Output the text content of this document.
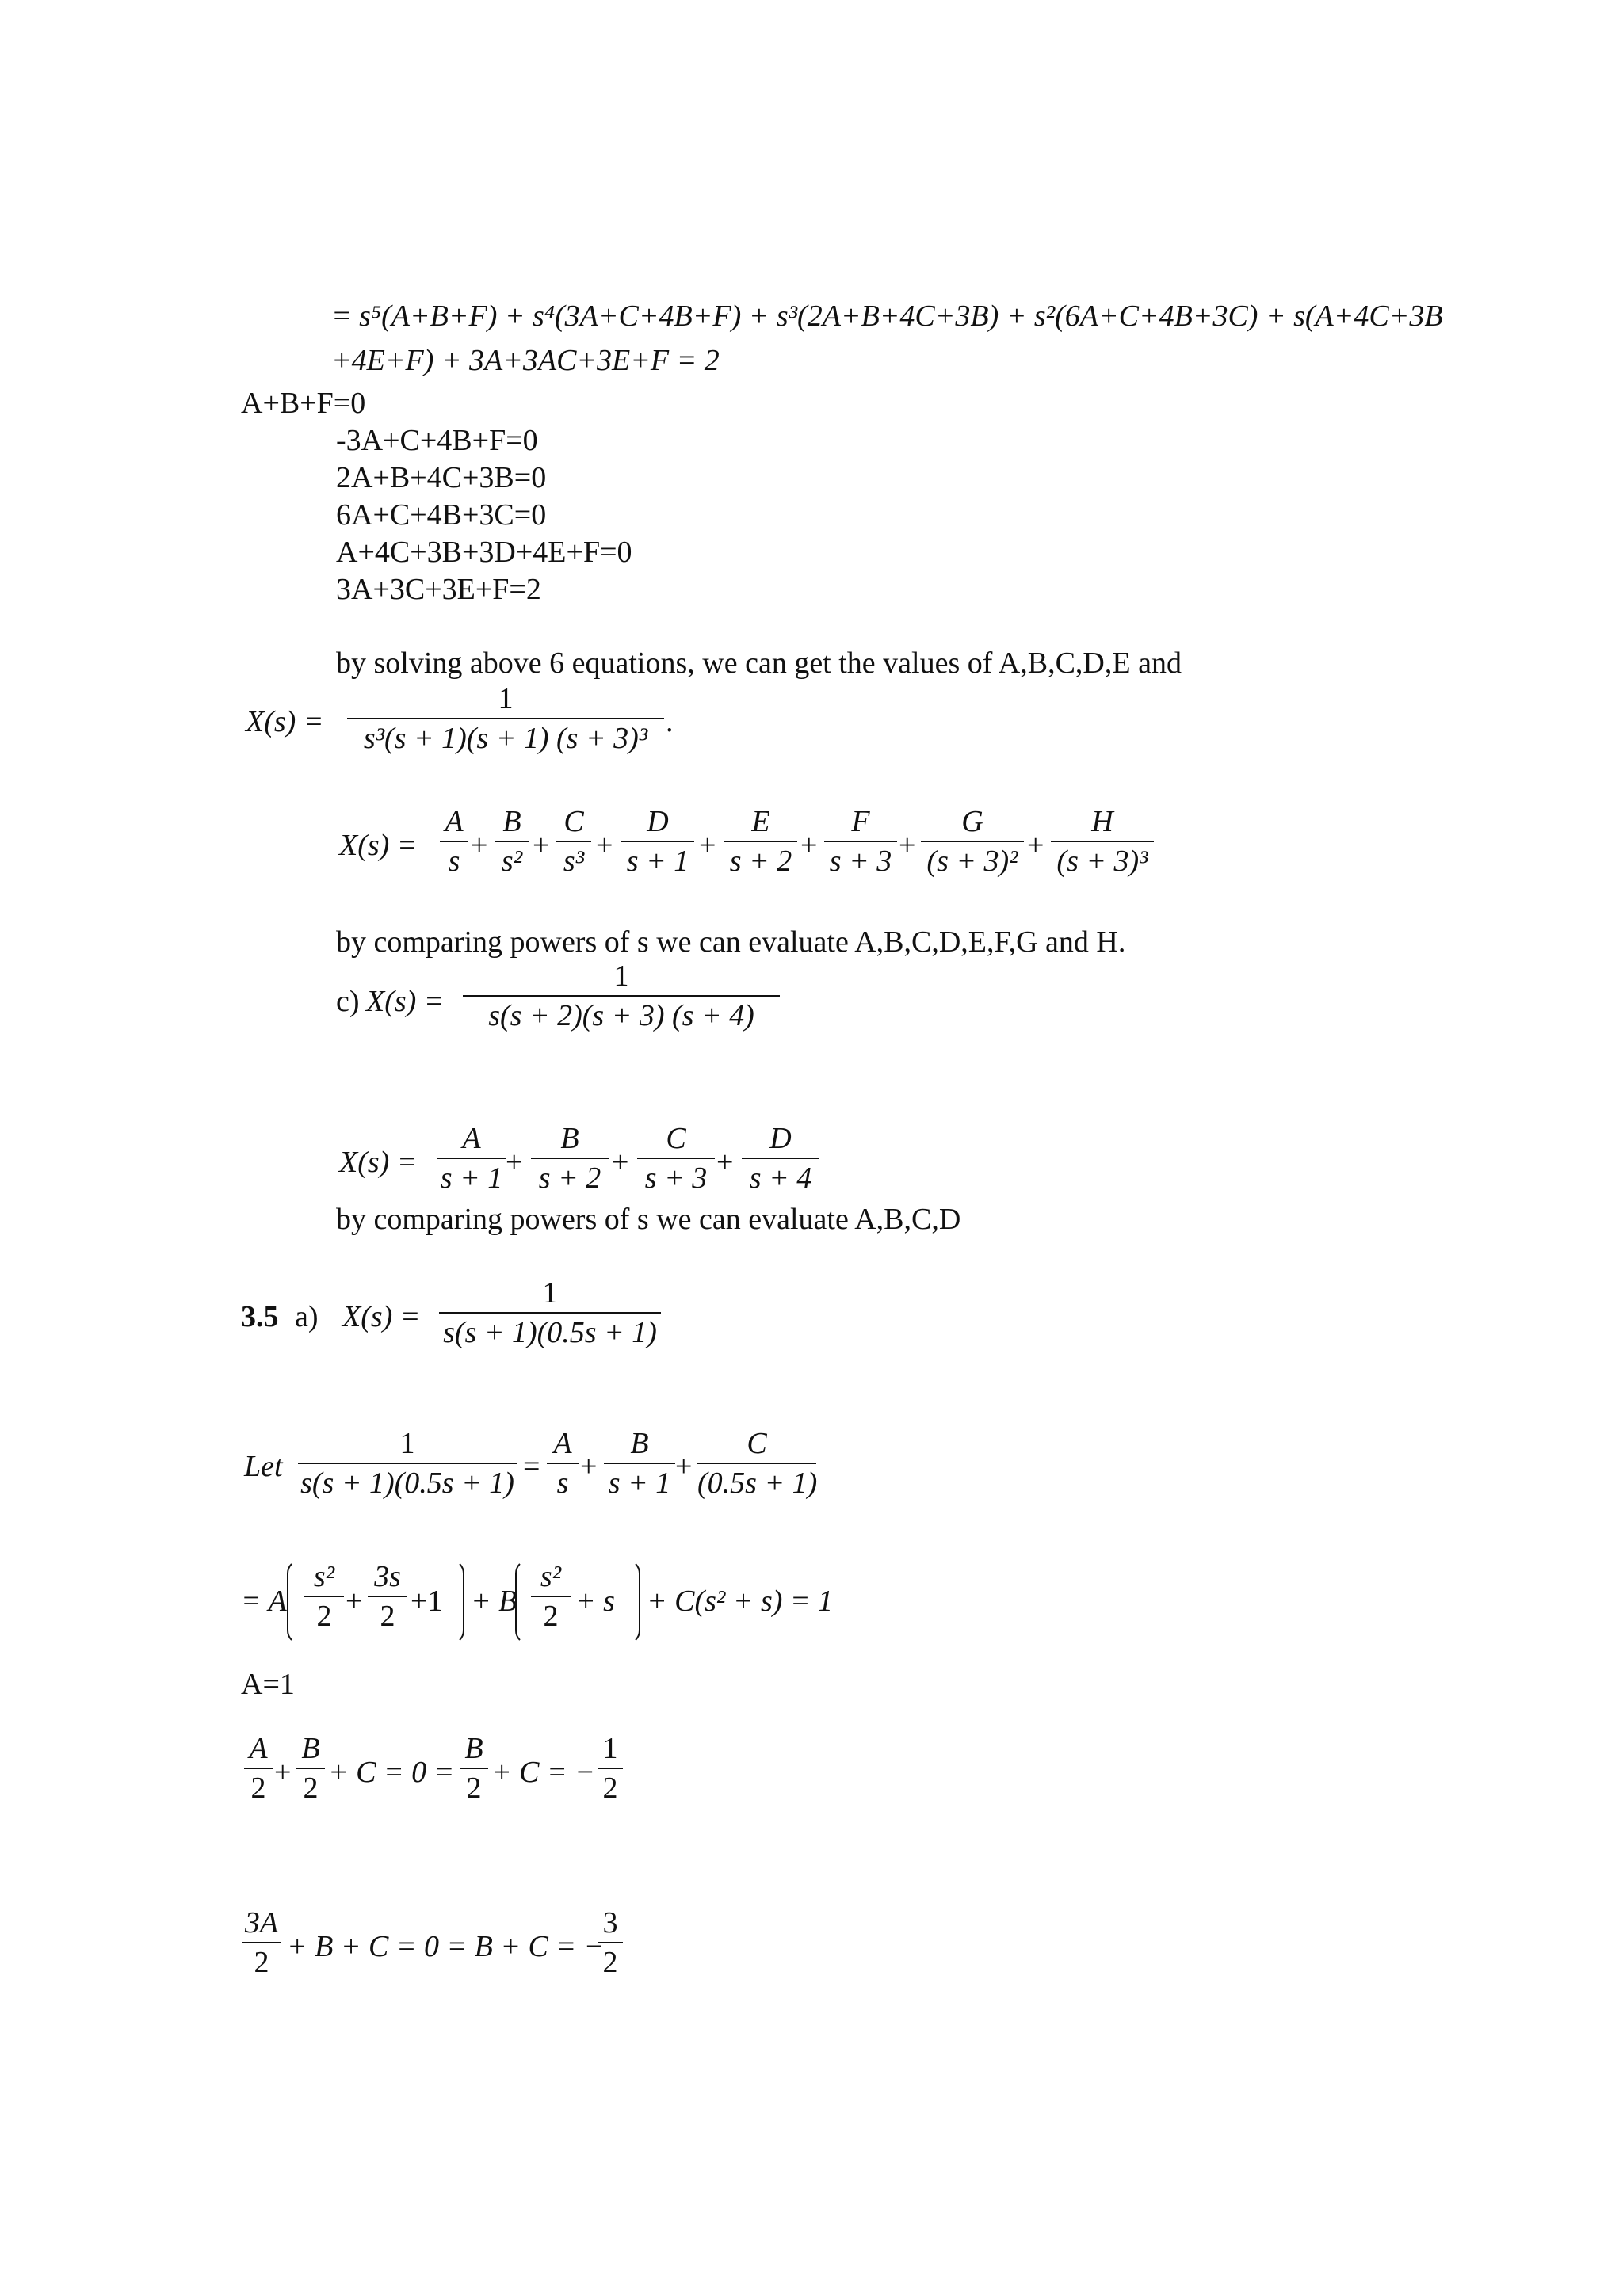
= s⁵(A+B+F) + s⁴(3A+C+4B+F) + s³(2A+B+4C+3B) + s²(6A+C+4B+3C) + s(A+4C+3B
+4E+F) + 3A+3AC+3E+F = 2
A+B+F=0
-3A+C+4B+F=0
2A+B+4C+3B=0
6A+C+4B+3C=0
A+4C+3B+3D+4E+F=0
3A+3C+3E+F=2
by solving above 6 equations, we can get the values of A,B,C,D,E and
X(s) =
1
s³(s + 1)(s + 1) (s + 3)³ .
X(s) =
A
s +
B
s² +
C
s³ +
D
s + 1 +
E
s + 2 +
F
s + 3 +
G
(s + 3)² +
H
(s + 3)³
by comparing powers of s we can evaluate A,B,C,D,E,F,G and H.
c) X(s) =
1
s(s + 2)(s + 3) (s + 4)
X(s) =
A
s + 1 +
B
s + 2 +
C
s + 3 +
D
s + 4
by comparing powers of s we can evaluate A,B,C,D
3.5 a) X(s) =
1
s(s + 1)(0.5s + 1)
Let
1
s(s + 1)(0.5s + 1) =
A
s +
B
s + 1 +
C
(0.5s + 1)
= A
s²
2 +
3s
2 +1 + B
s²
2 + s + C(s² + s) = 1
A=1
A
2 +
B
2 + C = 0 =
B
2 + C = −
1
2
3A
2 + B + C = 0 = B + C = −
3
2
